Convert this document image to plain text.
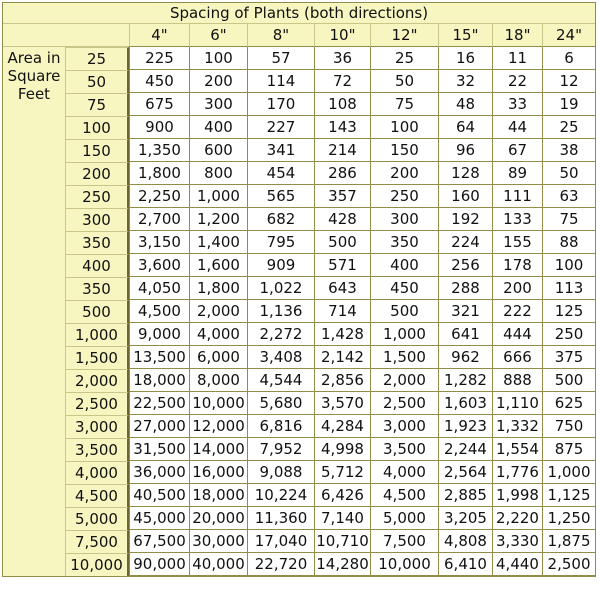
Spacing of Plants (both directions)									
		4"	6"	8"	10"	12"	15"	18"	24"
Area in Square Feet	25	225	100	57	36	25	16	11	6
	50	450	200	114	72	50	32	22	12
	75	675	300	170	108	75	48	33	19
	100	900	400	227	143	100	64	44	25
	150	1,350	600	341	214	150	96	67	38
	200	1,800	800	454	286	200	128	89	50
	250	2,250	1,000	565	357	250	160	111	63
	300	2,700	1,200	682	428	300	192	133	75
	350	3,150	1,400	795	500	350	224	155	88
	400	3,600	1,600	909	571	400	256	178	100
	350	4,050	1,800	1,022	643	450	288	200	113
	500	4,500	2,000	1,136	714	500	321	222	125
	1,000	9,000	4,000	2,272	1,428	1,000	641	444	250
	1,500	13,500	6,000	3,408	2,142	1,500	962	666	375
	2,000	18,000	8,000	4,544	2,856	2,000	1,282	888	500
	2,500	22,500	10,000	5,680	3,570	2,500	1,603	1,110	625
	3,000	27,000	12,000	6,816	4,284	3,000	1,923	1,332	750
	3,500	31,500	14,000	7,952	4,998	3,500	2,244	1,554	875
	4,000	36,000	16,000	9,088	5,712	4,000	2,564	1,776	1,000
	4,500	40,500	18,000	10,224	6,426	4,500	2,885	1,998	1,125
	5,000	45,000	20,000	11,360	7,140	5,000	3,205	2,220	1,250
	7,500	67,500	30,000	17,040	10,710	7,500	4,808	3,330	1,875
	10,000	90,000	40,000	22,720	14,280	10,000	6,410	4,440	2,500
